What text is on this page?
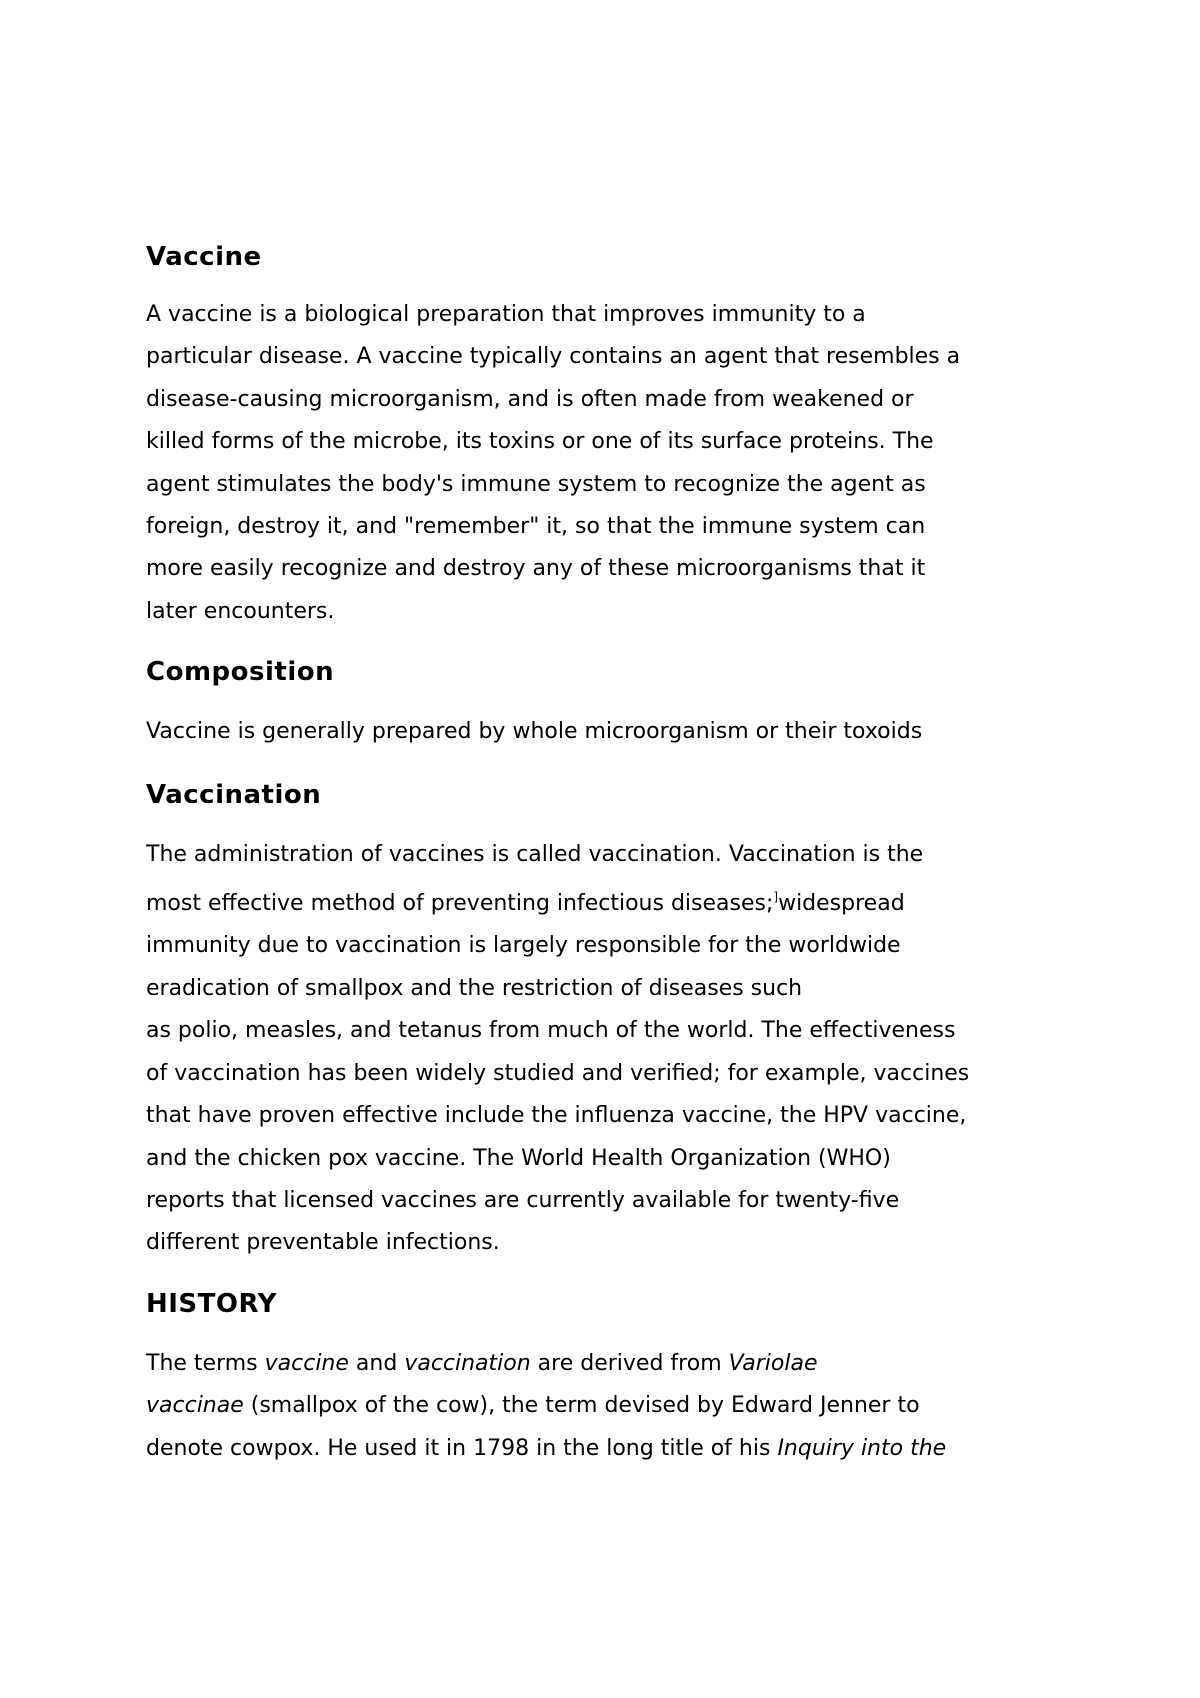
Vaccine

A vaccine is a biological preparation that improves immunity to a
particular disease. A vaccine typically contains an agent that resembles a
disease-causing microorganism, and is often made from weakened or
killed forms of the microbe, its toxins or one of its surface proteins. The
agent stimulates the body's immune system to recognize the agent as
foreign, destroy it, and "remember" it, so that the immune system can
more easily recognize and destroy any of these microorganisms that it
later encounters.

Composition

Vaccine is generally prepared by whole microorganism or their toxoids

Vaccination

The administration of vaccines is called vaccination. Vaccination is the
most effective method of preventing infectious diseases;]widespread
immunity due to vaccination is largely responsible for the worldwide
eradication of smallpox and the restriction of diseases such
as polio, measles, and tetanus from much of the world. The effectiveness
of vaccination has been widely studied and verified; for example, vaccines
that have proven effective include the influenza vaccine, the HPV vaccine,
and the chicken pox vaccine. The World Health Organization (WHO)
reports that licensed vaccines are currently available for twenty-five
different preventable infections.

HISTORY

The terms vaccine and vaccination are derived from Variolae
vaccinae (smallpox of the cow), the term devised by Edward Jenner to
denote cowpox. He used it in 1798 in the long title of his Inquiry into the
